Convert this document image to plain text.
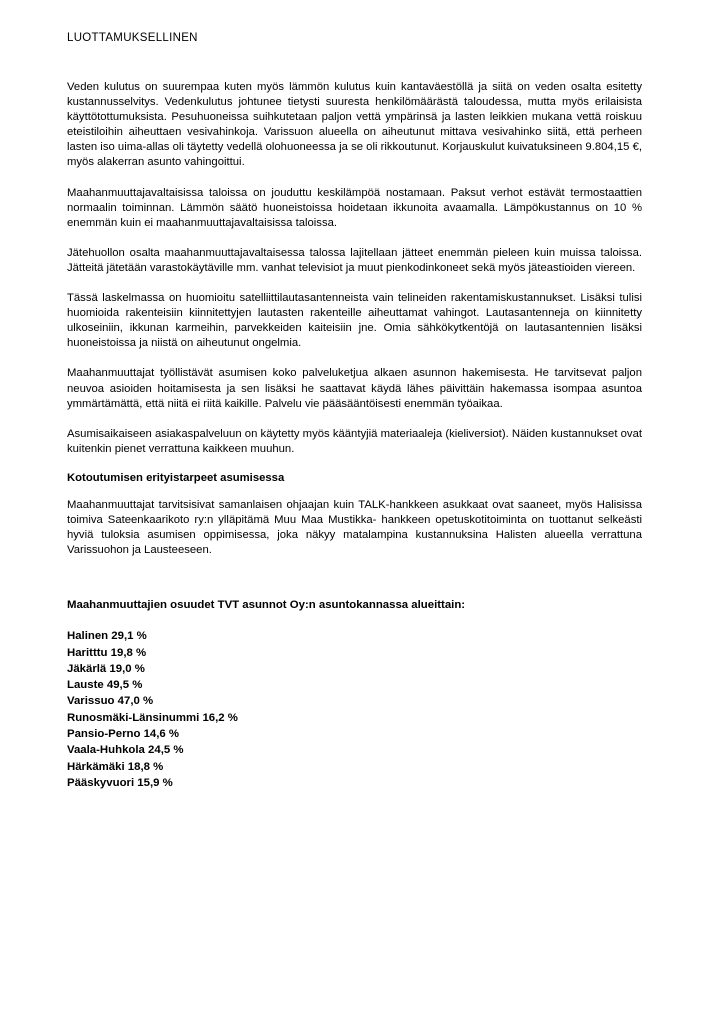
LUOTTAMUKSELLINEN

Veden kulutus on suurempaa kuten myös lämmön kulutus kuin kantaväestöllä ja siitä on veden osalta esitetty kustannusselvitys. Vedenkulutus johtunee tietysti suuresta henkilömäärästä taloudessa, mutta myös erilaisista käyttötottumuksista. Pesuhuoneissa suihkutetaan paljon vettä ympärinsä ja lasten leikkien mukana vettä roiskuu eteistiloihin aiheuttaen vesivahinkoja. Varissuon alueella on aiheutunut mittava vesivahinko siitä, että perheen lasten iso uima-allas oli täytetty vedellä olohuoneessa ja se oli rikkoutunut. Korjauskulut kuivatuksineen 9.804,15 €, myös alakerran asunto vahingoittui.

Maahanmuuttajavaltaisissa taloissa on jouduttu keskilämpöä nostamaan. Paksut verhot estävät termostaattien normaalin toiminnan. Lämmön säätö huoneistoissa hoidetaan ikkunoita avaamalla. Lämpökustannus on 10 % enemmän kuin ei maahanmuuttajavaltaisissa taloissa.

Jätehuollon osalta maahanmuuttajavaltaisessa talossa lajitellaan jätteet enemmän pieleen kuin muissa taloissa. Jätteitä jätetään varastokäytäville mm. vanhat televisiot ja muut pienkodinkoneet sekä myös jäteastioiden viereen.

Tässä laskelmassa on huomioitu satelliittilautasantenneista vain telineiden rakentamiskustannukset. Lisäksi tulisi huomioida rakenteisiin kiinnitettyjen lautasten rakenteille aiheuttamat vahingot. Lautasantenneja on kiinnitetty ulkoseiniin, ikkunan karmeihin, parvekkeiden kaiteisiin jne. Omia sähkökytkentöjä on lautasantennien lisäksi huoneistoissa ja niistä on aiheutunut ongelmia.

Maahanmuuttajat työllistävät asumisen koko palveluketjua alkaen asunnon hakemisesta. He tarvitsevat paljon neuvoa asioiden hoitamisesta ja sen lisäksi he saattavat käydä lähes päivittäin hakemassa isompaa asuntoa ymmärtämättä, että niitä ei riitä kaikille. Palvelu vie pääsääntöisesti enemmän työaikaa.

Asumisaikaiseen asiakaspalveluun on käytetty myös kääntyjiä materiaaleja (kieliversiot). Näiden kustannukset ovat kuitenkin pienet verrattuna kaikkeen muuhun.

Kotoutumisen erityistarpeet asumisessa

Maahanmuuttajat tarvitsisivat samanlaisen ohjaajan kuin TALK-hankkeen asukkaat ovat saaneet, myös Halisissa toimiva Sateenkaarikoto ry:n ylläpitämä Muu Maa Mustikka- hankkeen opetuskotitoiminta on tuottanut selkeästi hyviä tuloksia asumisen oppimisessa, joka näkyy matalampina kustannuksina Halisten alueella verrattuna Varissuohon ja Lausteeseen.

Maahanmuuttajien osuudet TVT asunnot Oy:n asuntokannassa alueittain:
Halinen 29,1 %
Haritttu 19,8 %
Jäkärlä 19,0 %
Lauste 49,5 %
Varissuo 47,0 %
Runosmäki-Länsinummi 16,2 %
Pansio-Perno 14,6 %
Vaala-Huhkola 24,5 %
Härkämäki 18,8 %
Pääskyvuori 15,9 %
